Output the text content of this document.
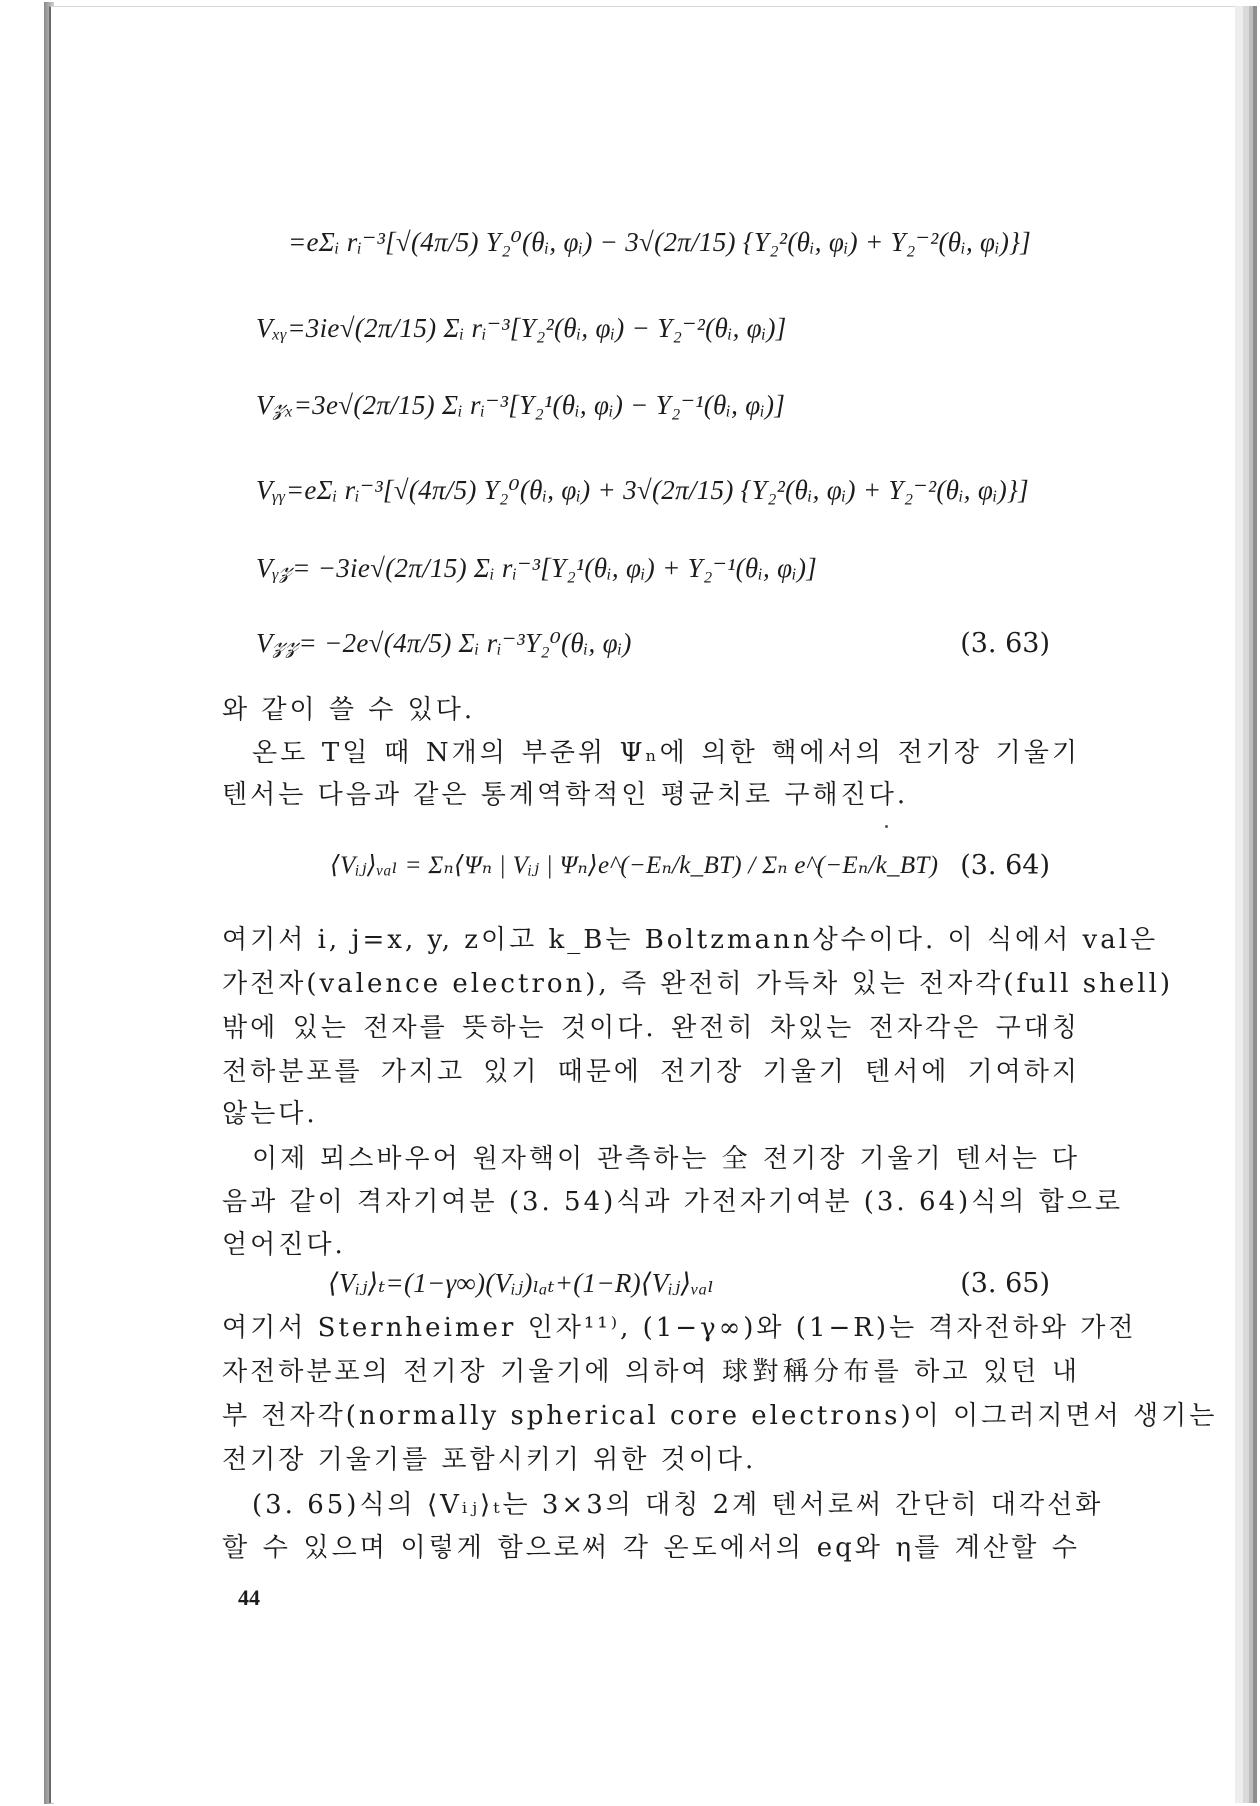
=eΣᵢ rᵢ⁻³[√(4π/5) Y₂⁰(θᵢ, φᵢ) − 3√(2π/15) {Y₂²(θᵢ, φᵢ) + Y₂⁻²(θᵢ, φᵢ)}]
Vₓᵧ=3ie√(2π/15) Σᵢ rᵢ⁻³[Y₂²(θᵢ, φᵢ) − Y₂⁻²(θᵢ, φᵢ)]
V𝓏ₓ=3e√(2π/15) Σᵢ rᵢ⁻³[Y₂¹(θᵢ, φᵢ) − Y₂⁻¹(θᵢ, φᵢ)]
Vᵧᵧ=eΣᵢ rᵢ⁻³[√(4π/5) Y₂⁰(θᵢ, φᵢ) + 3√(2π/15) {Y₂²(θᵢ, φᵢ) + Y₂⁻²(θᵢ, φᵢ)}]
Vᵧ𝓏= −3ie√(2π/15) Σᵢ rᵢ⁻³[Y₂¹(θᵢ, φᵢ) + Y₂⁻¹(θᵢ, φᵢ)]
V𝓏𝓏= −2e√(4π/5) Σᵢ rᵢ⁻³Y₂⁰(θᵢ, φᵢ)	(3. 63)
와 같이 쓸 수 있다.
온도 T일 때 N개의 부준위 Ψₙ에 의한 핵에서의 전기장 기울기
텐서는 다음과 같은 통계역학적인 평균치로 구해진다.
⟨Vᵢⱼ⟩ᵥₐₗ = Σₙ⟨Ψₙ | Vᵢⱼ | Ψₙ⟩e^(−Eₙ/k_BT) / Σₙ e^(−Eₙ/k_BT) (3. 64)
여기서 i, j=x, y, z이고 k_B는 Boltzmann상수이다. 이 식에서 val은
가전자(valence electron), 즉 완전히 가득차 있는 전자각(full shell)
밖에 있는 전자를 뜻하는 것이다. 완전히 차있는 전자각은 구대칭
전하분포를 가지고 있기 때문에 전기장 기울기 텐서에 기여하지
않는다.
이제 뫼스바우어 원자핵이 관측하는 全 전기장 기울기 텐서는 다
음과 같이 격자기여분 (3. 54)식과 가전자기여분 (3. 64)식의 합으로
얻어진다.
⟨Vᵢⱼ⟩ₜ=(1−γ∞)(Vᵢⱼ)ₗₐₜ+(1−R)⟨Vᵢⱼ⟩ᵥₐₗ	(3. 65)
여기서 Sternheimer 인자¹¹⁾, (1−γ∞)와 (1−R)는 격자전하와 가전
자전하분포의 전기장 기울기에 의하여 球對稱分布를 하고 있던 내
부 전자각(normally spherical core electrons)이 이그러지면서 생기는
전기장 기울기를 포함시키기 위한 것이다.
(3. 65)식의 ⟨Vᵢⱼ⟩ₜ는 3×3의 대칭 2계 텐서로써 간단히 대각선화
할 수 있으며 이렇게 함으로써 각 온도에서의 eq와 η를 계산할 수
44
